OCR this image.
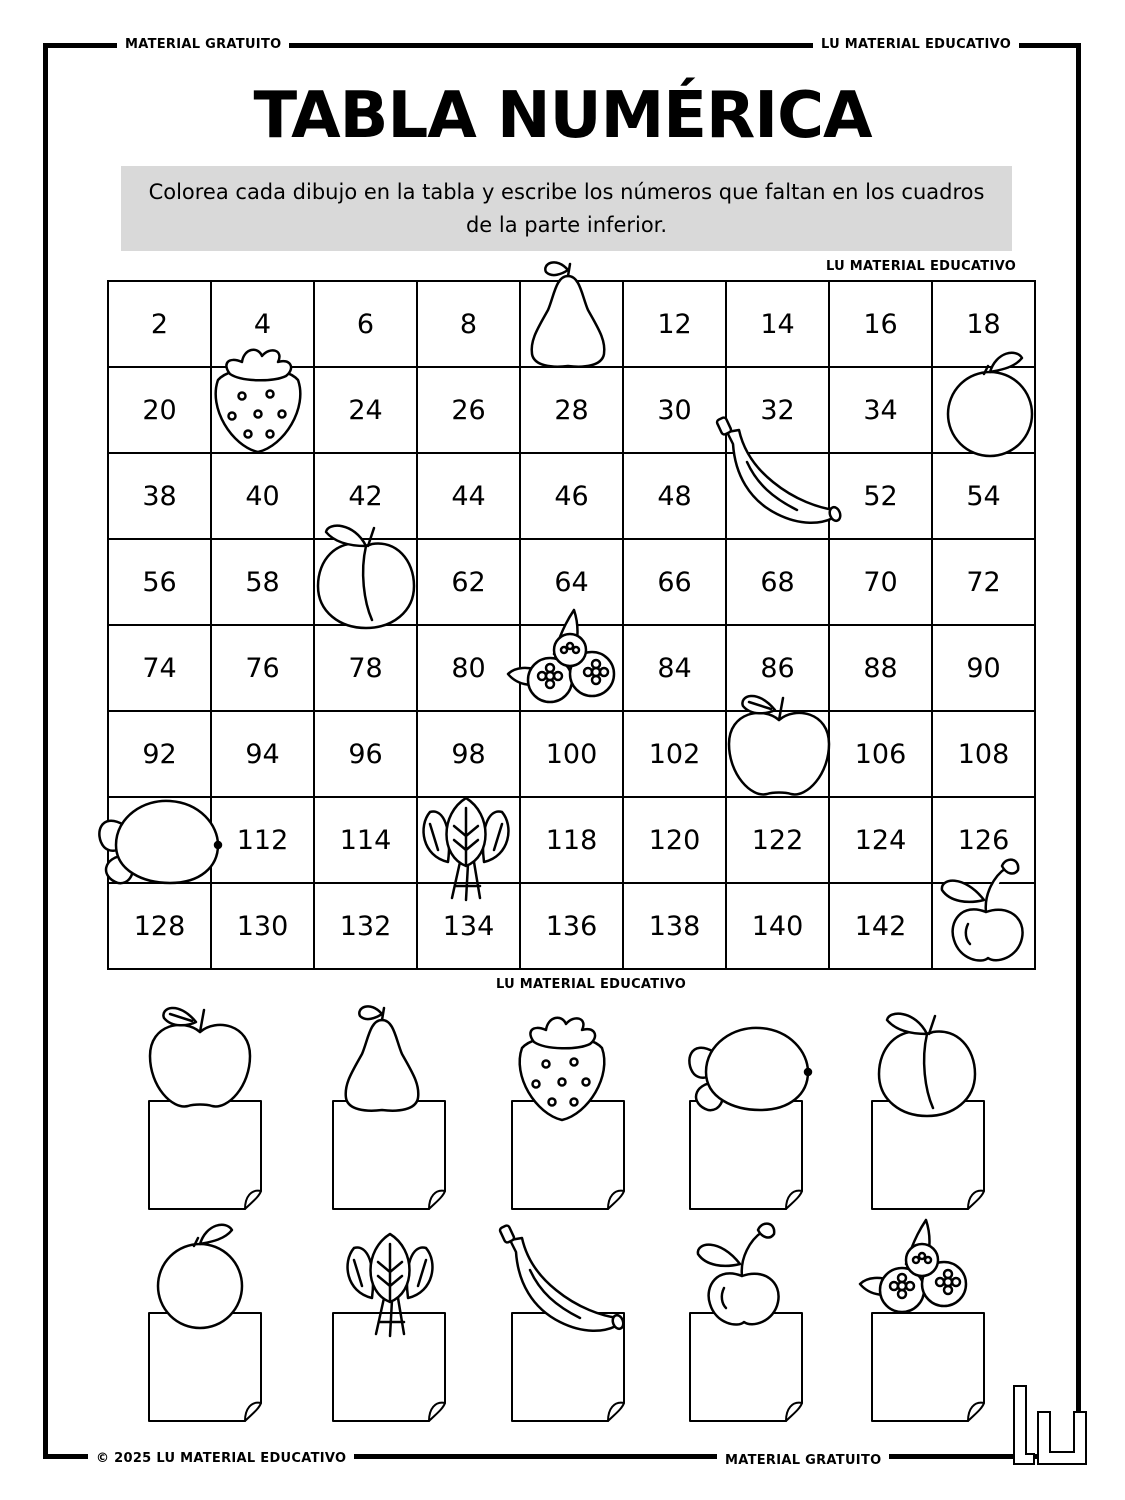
MATERIAL GRATUITO	LU MATERIAL EDUCATIVO
© 2025 LU MATERIAL EDUCATIVO	MATERIAL GRATUITO
TABLA NUMÉRICA
Colorea cada dibujo en la tabla y escribe los números que faltan en los cuadros de la parte inferior.
LU MATERIAL EDUCATIVO
2	4	6	8		12	14	16	18
20		24	26	28	30	32	34	
38	40	42	44	46	48		52	54
56	58		62	64	66	68	70	72
74	76	78	80		84	86	88	90
92	94	96	98	100	102		106	108
	112	114		118	120	122	124	126
128	130	132	134	136	138	140	142	
LU MATERIAL EDUCATIVO
